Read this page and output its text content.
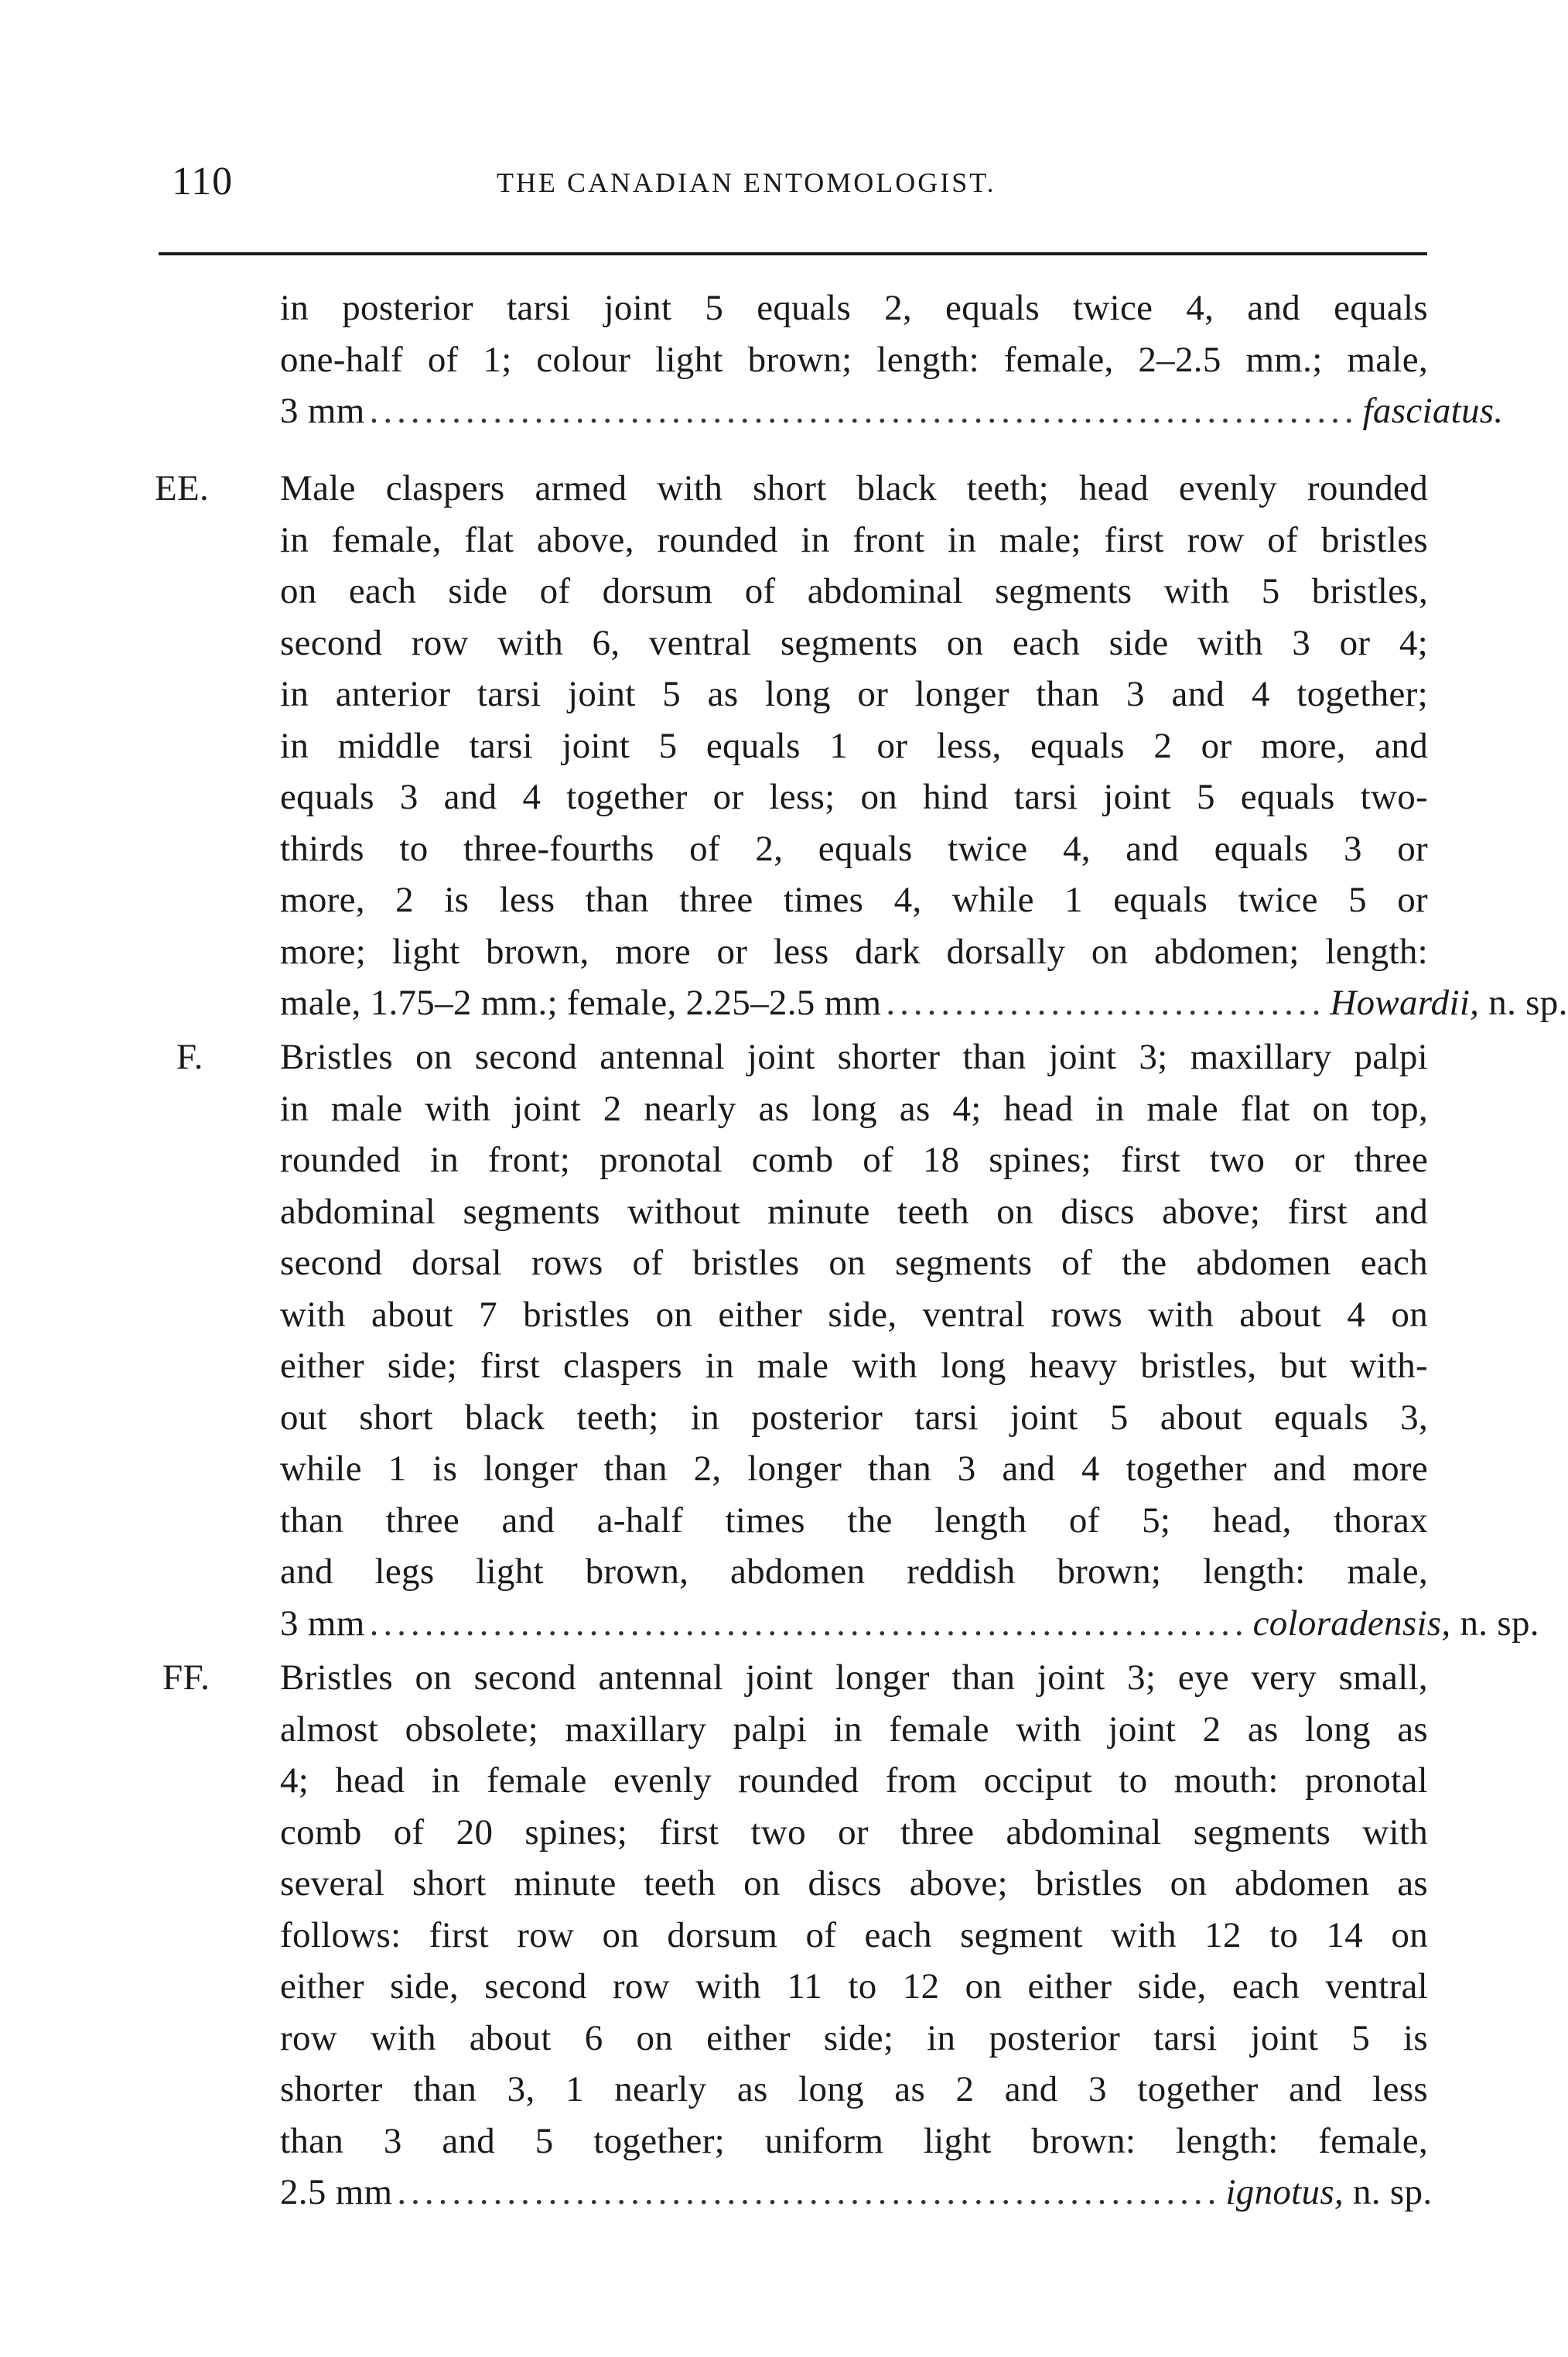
110	THE CANADIAN ENTOMOLOGIST.
in posterior tarsi joint 5 equals 2, equals twice 4, and equals
one-half of 1; colour light brown; length: female, 2–2.5 mm.; male,
3 mm ........................................................................ fasciatus.
EE. Male claspers armed with short black teeth; head evenly rounded
in female, flat above, rounded in front in male; first row of bristles
on each side of dorsum of abdominal segments with 5 bristles,
second row with 6, ventral segments on each side with 3 or 4;
in anterior tarsi joint 5 as long or longer than 3 and 4 together;
in middle tarsi joint 5 equals 1 or less, equals 2 or more, and
equals 3 and 4 together or less; on hind tarsi joint 5 equals two-
thirds to three-fourths of 2, equals twice 4, and equals 3 or
more, 2 is less than three times 4, while 1 equals twice 5 or
more; light brown, more or less dark dorsally on abdomen; length:
male, 1.75–2 mm.; female, 2.25–2.5 mm ................................ Howardii, n. sp.
F. Bristles on second antennal joint shorter than joint 3; maxillary palpi
in male with joint 2 nearly as long as 4; head in male flat on top,
rounded in front; pronotal comb of 18 spines; first two or three
abdominal segments without minute teeth on discs above; first and
second dorsal rows of bristles on segments of the abdomen each
with about 7 bristles on either side, ventral rows with about 4 on
either side; first claspers in male with long heavy bristles, but with-
out short black teeth; in posterior tarsi joint 5 about equals 3,
while 1 is longer than 2, longer than 3 and 4 together and more
than three and a-half times the length of 5; head, thorax
and legs light brown, abdomen reddish brown; length: male,
3 mm ................................................................ coloradensis, n. sp.
FF. Bristles on second antennal joint longer than joint 3; eye very small,
almost obsolete; maxillary palpi in female with joint 2 as long as
4; head in female evenly rounded from occiput to mouth: pronotal
comb of 20 spines; first two or three abdominal segments with
several short minute teeth on discs above; bristles on abdomen as
follows: first row on dorsum of each segment with 12 to 14 on
either side, second row with 11 to 12 on either side, each ventral
row with about 6 on either side; in posterior tarsi joint 5 is
shorter than 3, 1 nearly as long as 2 and 3 together and less
than 3 and 5 together; uniform light brown: length: female,
2.5 mm ............................................................ ignotus, n. sp.
